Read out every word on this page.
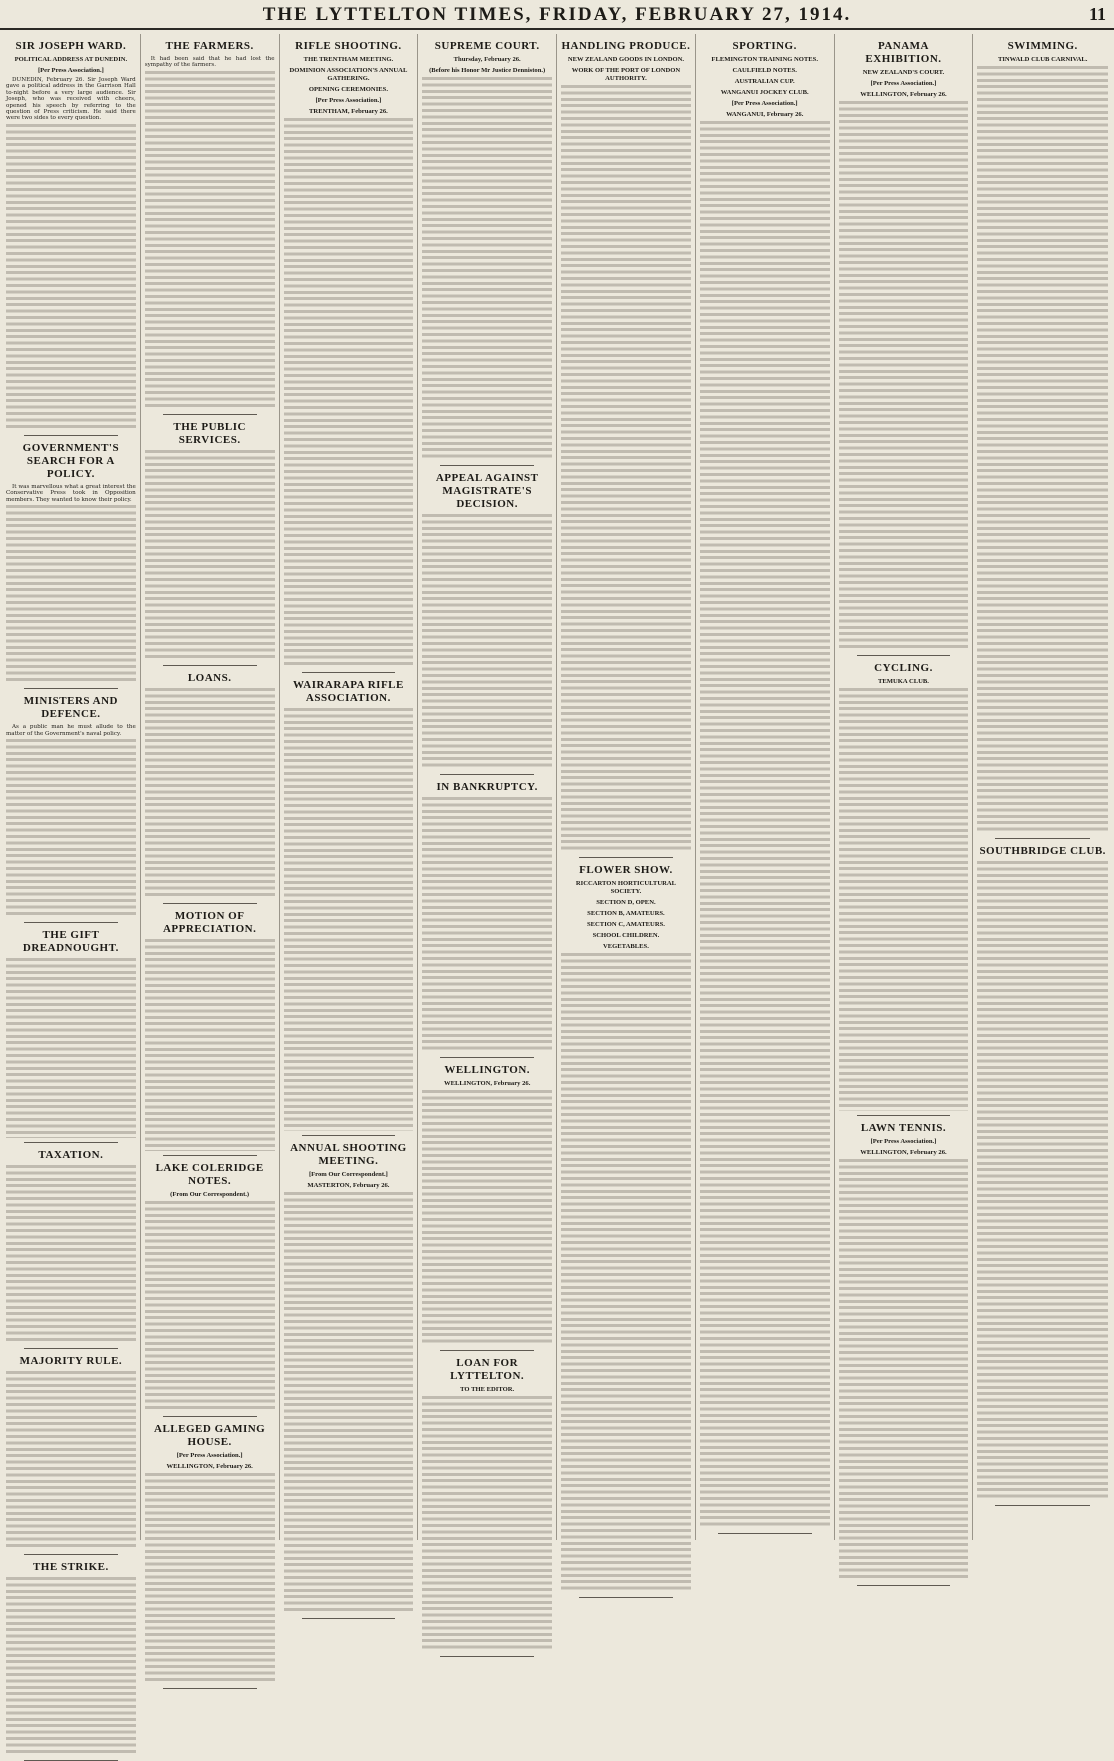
THE LYTTELTON TIMES, FRIDAY, FEBRUARY 27, 1914.	11
SIR JOSEPH WARD.
POLITICAL ADDRESS AT DUNEDIN.
[Per Press Association.]

DUNEDIN, February 26. Sir Joseph Ward gave a political address in the Garrison Hall to-night before a very large audience. Sir Joseph, who was received with cheers, opened his speech by referring to the question of Press criticism. He said there were two sides to every question.

GOVERNMENT'S SEARCH FOR A POLICY.

It was marvellous what a great interest the Conservative Press took in Opposition members. They wanted to know their policy.

MINISTERS AND DEFENCE.

As a public man he must allude to the matter of the Government's naval policy.

THE GIFT DREADNOUGHT.
TAXATION.
MAJORITY RULE.
THE STRIKE.
THE FARMERS.

It had been said that he had lost the sympathy of the farmers.

THE PUBLIC SERVICES.
LOANS.
MOTION OF APPRECIATION.
LAKE COLERIDGE NOTES.
(From Our Correspondent.)
ALLEGED GAMING HOUSE.
[Per Press Association.]
WELLINGTON, February 26.
RIFLE SHOOTING.
THE TRENTHAM MEETING.
DOMINION ASSOCIATION'S ANNUAL GATHERING.
OPENING CEREMONIES.
[Per Press Association.]
TRENTHAM, February 26.
WAIRARAPA RIFLE ASSOCIATION.
ANNUAL SHOOTING MEETING.
[From Our Correspondent.]
MASTERTON, February 26.
SUPREME COURT.
Thursday, February 26.
(Before his Honor Mr Justice Denniston.)
APPEAL AGAINST MAGISTRATE'S DECISION.
IN BANKRUPTCY.
WELLINGTON.
WELLINGTON, February 26.
LOAN FOR LYTTELTON.
TO THE EDITOR.
HANDLING PRODUCE.
NEW ZEALAND GOODS IN LONDON.
WORK OF THE PORT OF LONDON AUTHORITY.
FLOWER SHOW.
RICCARTON HORTICULTURAL SOCIETY.
SECTION D, OPEN.
SECTION B, AMATEURS.
SECTION C, AMATEURS.
SCHOOL CHILDREN.
VEGETABLES.
SPORTING.
FLEMINGTON TRAINING NOTES.
CAULFIELD NOTES.
AUSTRALIAN CUP.
WANGANUI JOCKEY CLUB.
[Per Press Association.]
WANGANUI, February 26.
PANAMA EXHIBITION.
NEW ZEALAND'S COURT.
[Per Press Association.]
WELLINGTON, February 26.
CYCLING.
TEMUKA CLUB.
LAWN TENNIS.
[Per Press Association.]
WELLINGTON, February 26.
SWIMMING.
TINWALD CLUB CARNIVAL.
SOUTHBRIDGE CLUB.
